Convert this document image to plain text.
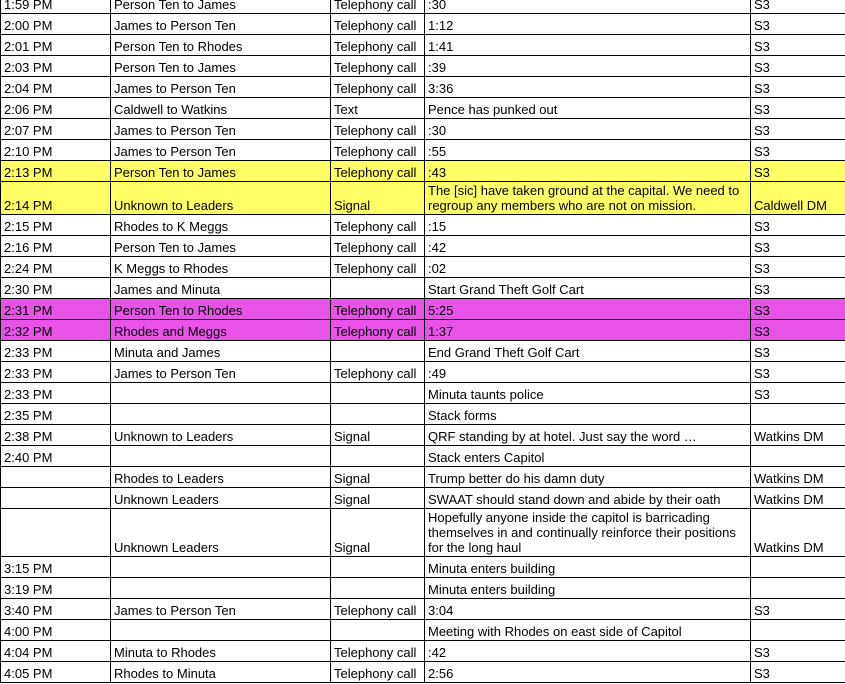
1:59 PM	Person Ten to James	Telephony call	:30	S3
2:00 PM	James to Person Ten	Telephony call	1:12	S3
2:01 PM	Person Ten to Rhodes	Telephony call	1:41	S3
2:03 PM	Person Ten to James	Telephony call	:39	S3
2:04 PM	James to Person Ten	Telephony call	3:36	S3
2:06 PM	Caldwell to Watkins	Text	Pence has punked out	S3
2:07 PM	James to Person Ten	Telephony call	:30	S3
2:10 PM	James to Person Ten	Telephony call	:55	S3
2:13 PM	Person Ten to James	Telephony call	:43	S3
2:14 PM	Unknown to Leaders	Signal	The [sic] have taken ground at the capital. We need to regroup any members who are not on mission.	Caldwell DM
2:15 PM	Rhodes to K Meggs	Telephony call	:15	S3
2:16 PM	Person Ten to James	Telephony call	:42	S3
2:24 PM	K Meggs to Rhodes	Telephony call	:02	S3
2:30 PM	James and Minuta		Start Grand Theft Golf Cart	S3
2:31 PM	Person Ten to Rhodes	Telephony call	5:25	S3
2:32 PM	Rhodes and Meggs	Telephony call	1:37	S3
2:33 PM	Minuta and James		End Grand Theft Golf Cart	S3
2:33 PM	James to Person Ten	Telephony call	:49	S3
2:33 PM			Minuta taunts police	S3
2:35 PM			Stack forms	
2:38 PM	Unknown to Leaders	Signal	QRF standing by at hotel. Just say the word …	Watkins DM
2:40 PM			Stack enters Capitol	
	Rhodes to Leaders	Signal	Trump better do his damn duty	Watkins DM
	Unknown Leaders	Signal	SWAAT should stand down and abide by their oath	Watkins DM
	Unknown Leaders	Signal	Hopefully anyone inside the capitol is barricading themselves in and continually reinforce their positions for the long haul	Watkins DM
3:15 PM			Minuta enters building	
3:19 PM			Minuta enters building	
3:40 PM	James to Person Ten	Telephony call	3:04	S3
4:00 PM			Meeting with Rhodes on east side of Capitol	
4:04 PM	Minuta to Rhodes	Telephony call	:42	S3
4:05 PM	Rhodes to Minuta	Telephony call	2:56	S3
